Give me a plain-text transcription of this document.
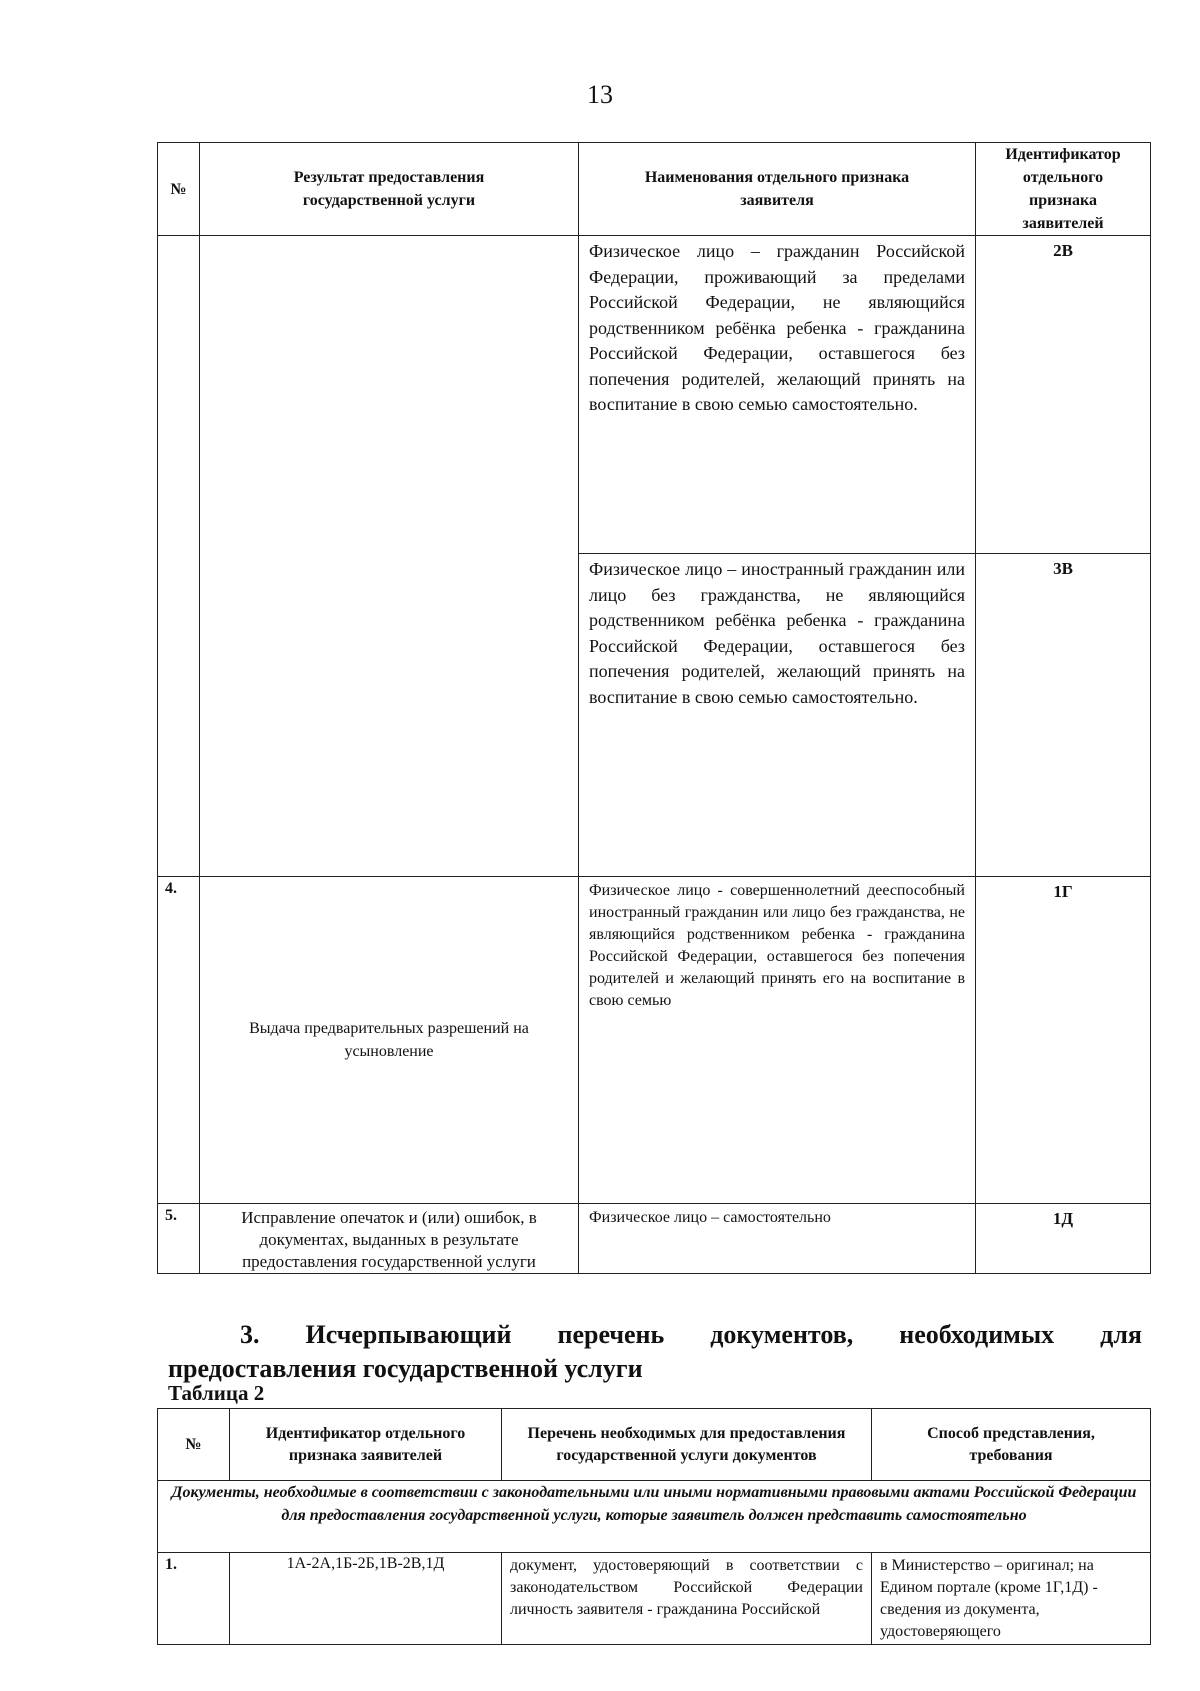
13
№	Результат предоставления государственной услуги	Наименования отдельного признака заявителя	Идентификатор отдельного признака заявителей
		Физическое лицо – гражданин Российской Федерации, проживающий за пределами Российской Федерации, не являющийся родственником ребёнка ребенка - гражданина Российской Федерации, оставшегося без попечения родителей, желающий принять на воспитание в свою семью самостоятельно.	2В
		Физическое лицо – иностранный гражданин или лицо без гражданства, не являющийся родственником ребёнка ребенка - гражданина Российской Федерации, оставшегося без попечения родителей, желающий принять на воспитание в свою семью самостоятельно.	3В
4.	Выдача предварительных разрешений на усыновление	Физическое лицо - совершеннолетний дееспособный иностранный гражданин или лицо без гражданства, не являющийся родственником ребенка - гражданина Российской Федерации, оставшегося без попечения родителей и желающий принять его на воспитание в свою семью	1Г
5.	Исправление опечаток и (или) ошибок, в документах, выданных в результате предоставления государственной услуги	Физическое лицо – самостоятельно	1Д
3. Исчерпывающий перечень документов, необходимых для
предоставления государственной услуги
Таблица 2
№	Идентификатор отдельного признака заявителей	Перечень необходимых для предоставления государственной услуги документов	Способ представления, требования
Документы, необходимые в соответствии с законодательными или иными нормативными правовыми актами Российской Федерации для предоставления государственной услуги, которые заявитель должен представить самостоятельно			
1.	1А-2А,1Б-2Б,1В-2В,1Д	документ, удостоверяющий в соответствии с законодательством Российской Федерации личность заявителя - гражданина Российской	в Министерство – оригинал; на Едином портале (кроме 1Г,1Д) - сведения из документа, удостоверяющего
